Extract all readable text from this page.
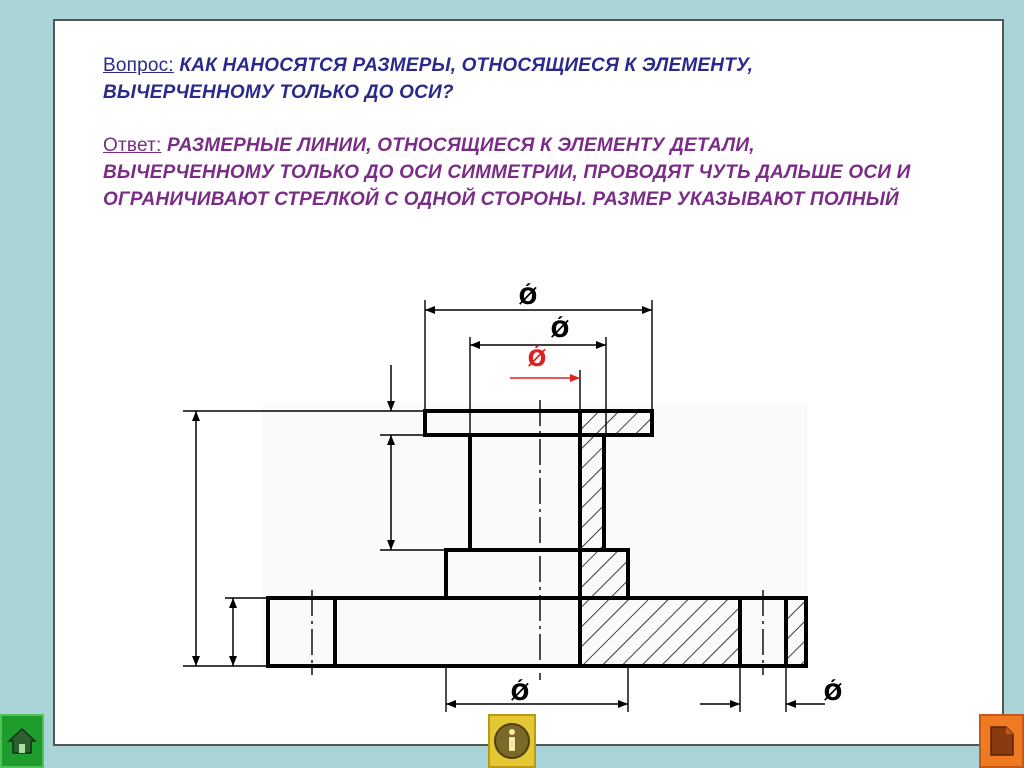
Вопрос: КАК НАНОСЯТСЯ РАЗМЕРЫ, ОТНОСЯЩИЕСЯ К ЭЛЕМЕНТУ, ВЫЧЕРЧЕННОМУ ТОЛЬКО ДО ОСИ?
Ответ: РАЗМЕРНЫЕ ЛИНИИ, ОТНОСЯЩИЕСЯ К ЭЛЕМЕНТУ ДЕТАЛИ, ВЫЧЕРЧЕННОМУ ТОЛЬКО ДО ОСИ СИММЕТРИИ, ПРОВОДЯТ ЧУТЬ ДАЛЬШЕ ОСИ И ОГРАНИЧИВАЮТ СТРЕЛКОЙ С ОДНОЙ СТОРОНЫ. РАЗМЕР УКАЗЫВАЮТ ПОЛНЫЙ
Ǿ
Ǿ
Ǿ
Ǿ	Ǿ
